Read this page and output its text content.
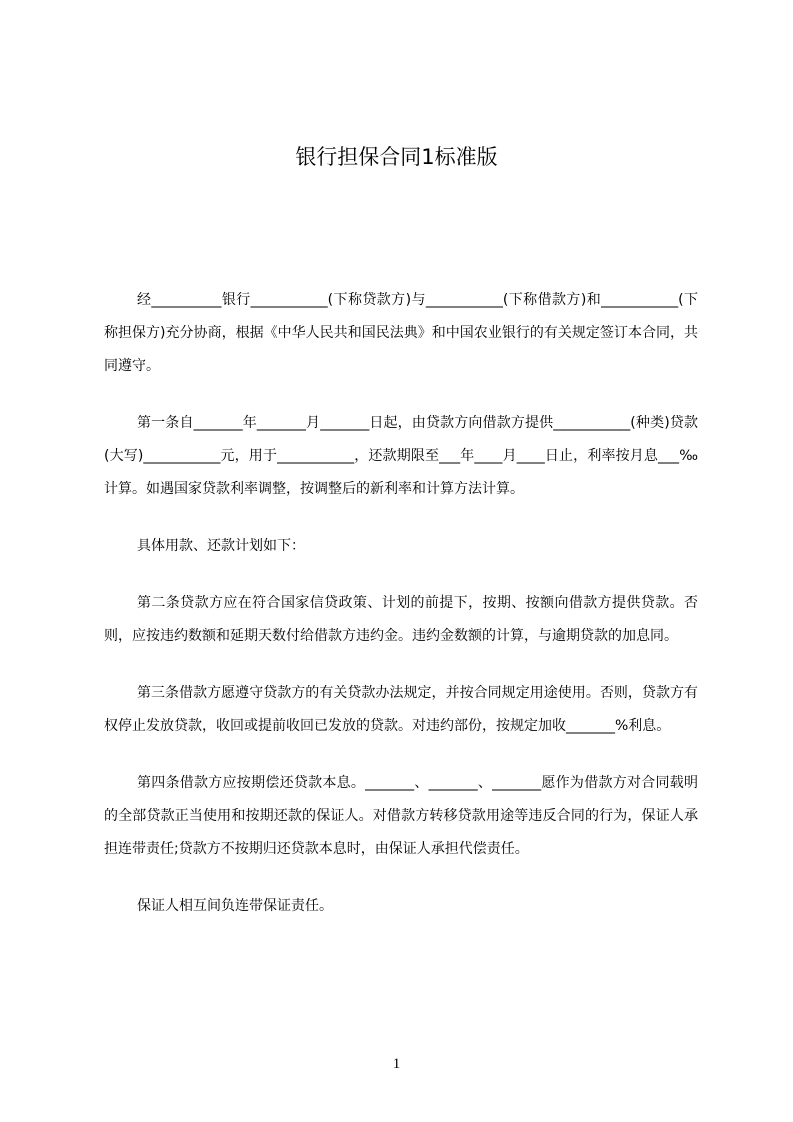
银行担保合同1标准版

经__________银行___________(下称贷款方)与___________(下称借款方)和___________(下称担保方)充分协商，根据《中华人民共和国民法典》和中国农业银行的有关规定签订本合同，共同遵守。

第一条自_______年_______月_______日起，由贷款方向借款方提供___________(种类)贷款(大写)___________元，用于___________，还款期限至___年____月____日止，利率按月息___‰计算。如遇国家贷款利率调整，按调整后的新利率和计算方法计算。

具体用款、还款计划如下：

第二条贷款方应在符合国家信贷政策、计划的前提下，按期、按额向借款方提供贷款。否则，应按违约数额和延期天数付给借款方违约金。违约金数额的计算，与逾期贷款的加息同。

第三条借款方愿遵守贷款方的有关贷款办法规定，并按合同规定用途使用。否则，贷款方有权停止发放贷款，收回或提前收回已发放的贷款。对违约部份，按规定加收_______%利息。

第四条借款方应按期偿还贷款本息。_______、_______、_______愿作为借款方对合同载明的全部贷款正当使用和按期还款的保证人。对借款方转移贷款用途等违反合同的行为，保证人承担连带责任;贷款方不按期归还贷款本息时，由保证人承担代偿责任。

保证人相互间负连带保证责任。

1
